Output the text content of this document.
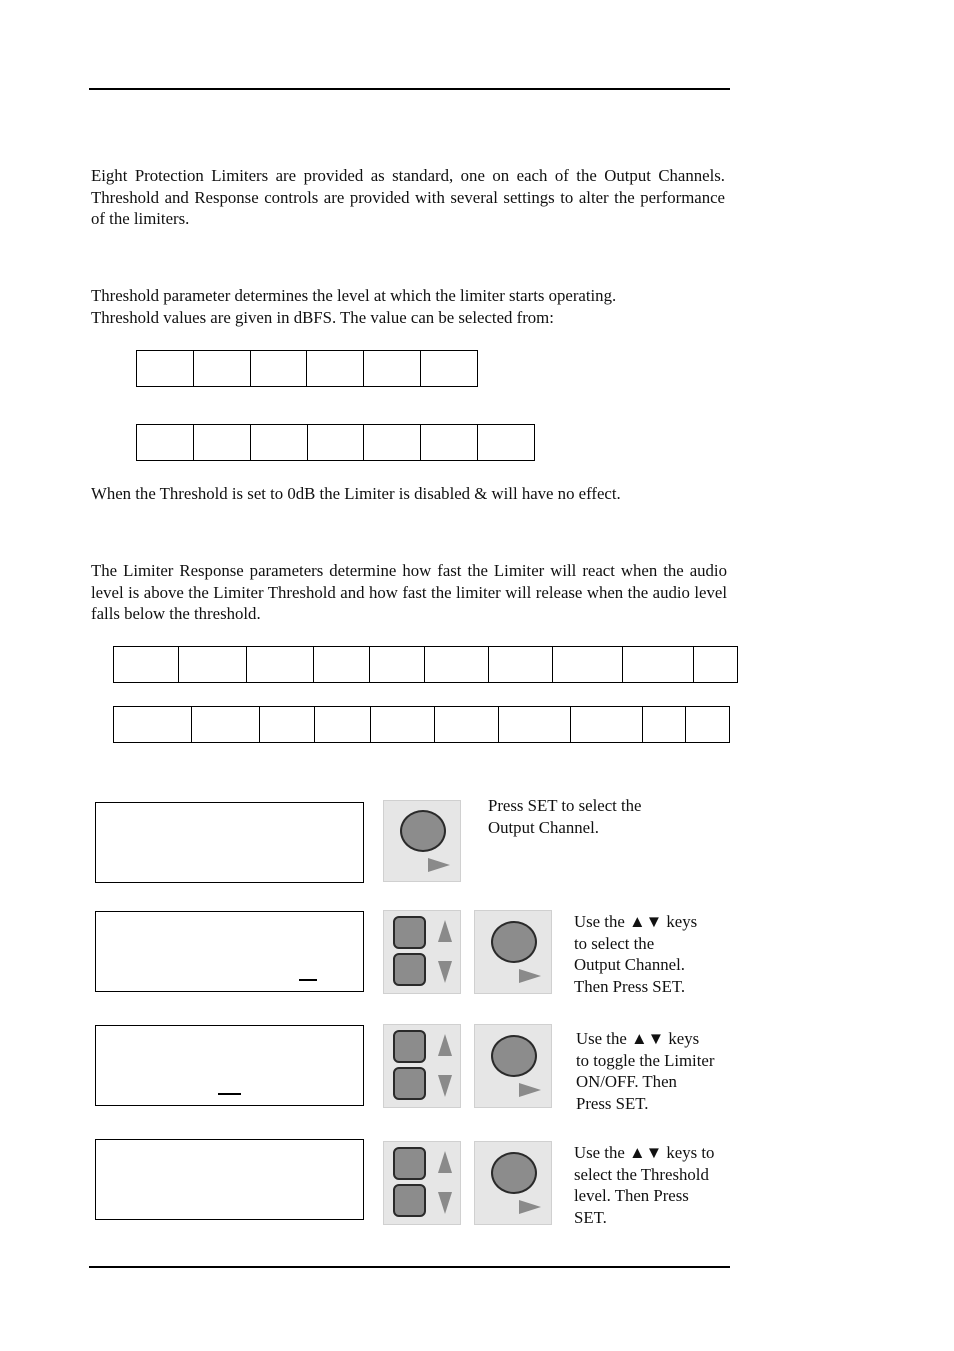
Eight Protection Limiters are provided as standard, one on each of the Output Channels. Threshold and Response controls are provided with several settings to alter the performance of the limiters.

Threshold parameter determines the level at which the limiter starts operating.
Threshold values are given in dBFS. The value can be selected from:

When the Threshold is set to 0dB the Limiter is disabled & will have no effect.

The Limiter Response parameters determine how fast the Limiter will react when the audio level is above the Limiter Threshold and how fast the limiter will release when the audio level falls below the threshold.

Press SET to select the
Output Channel.
Use the ▲▼ keys
to select the
Output Channel.
Then Press SET.
Use the ▲▼ keys
to toggle the Limiter
ON/OFF. Then
Press SET.
Use the ▲▼ keys to
select the Threshold
level. Then Press
SET.
